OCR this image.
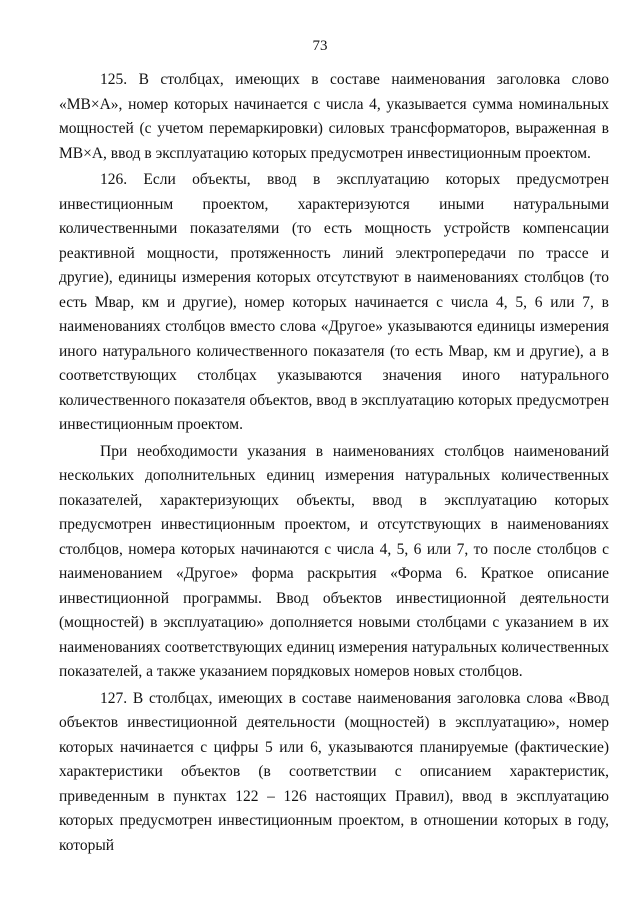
73

125. В столбцах, имеющих в составе наименования заголовка слово «МВ×А», номер которых начинается с числа 4, указывается сумма номинальных мощностей (с учетом перемаркировки) силовых трансформаторов, выраженная в МВ×А, ввод в эксплуатацию которых предусмотрен инвестиционным проектом.

126. Если объекты, ввод в эксплуатацию которых предусмотрен инвестиционным проектом, характеризуются иными натуральными количественными показателями (то есть мощность устройств компенсации реактивной мощности, протяженность линий электропередачи по трассе и другие), единицы измерения которых отсутствуют в наименованиях столбцов (то есть Мвар, км и другие), номер которых начинается с числа 4, 5, 6 или 7, в наименованиях столбцов вместо слова «Другое» указываются единицы измерения иного натурального количественного показателя (то есть Мвар, км и другие), а в соответствующих столбцах указываются значения иного натурального количественного показателя объектов, ввод в эксплуатацию которых предусмотрен инвестиционным проектом.

При необходимости указания в наименованиях столбцов наименований нескольких дополнительных единиц измерения натуральных количественных показателей, характеризующих объекты, ввод в эксплуатацию которых предусмотрен инвестиционным проектом, и отсутствующих в наименованиях столбцов, номера которых начинаются с числа 4, 5, 6 или 7, то после столбцов с наименованием «Другое» форма раскрытия «Форма 6. Краткое описание инвестиционной программы. Ввод объектов инвестиционной деятельности (мощностей) в эксплуатацию» дополняется новыми столбцами с указанием в их наименованиях соответствующих единиц измерения натуральных количественных показателей, а также указанием порядковых номеров новых столбцов.

127. В столбцах, имеющих в составе наименования заголовка слова «Ввод объектов инвестиционной деятельности (мощностей) в эксплуатацию», номер которых начинается с цифры 5 или 6, указываются планируемые (фактические) характеристики объектов (в соответствии с описанием характеристик, приведенным в пунктах 122 – 126 настоящих Правил), ввод в эксплуатацию которых предусмотрен инвестиционным проектом, в отношении которых в году, который
